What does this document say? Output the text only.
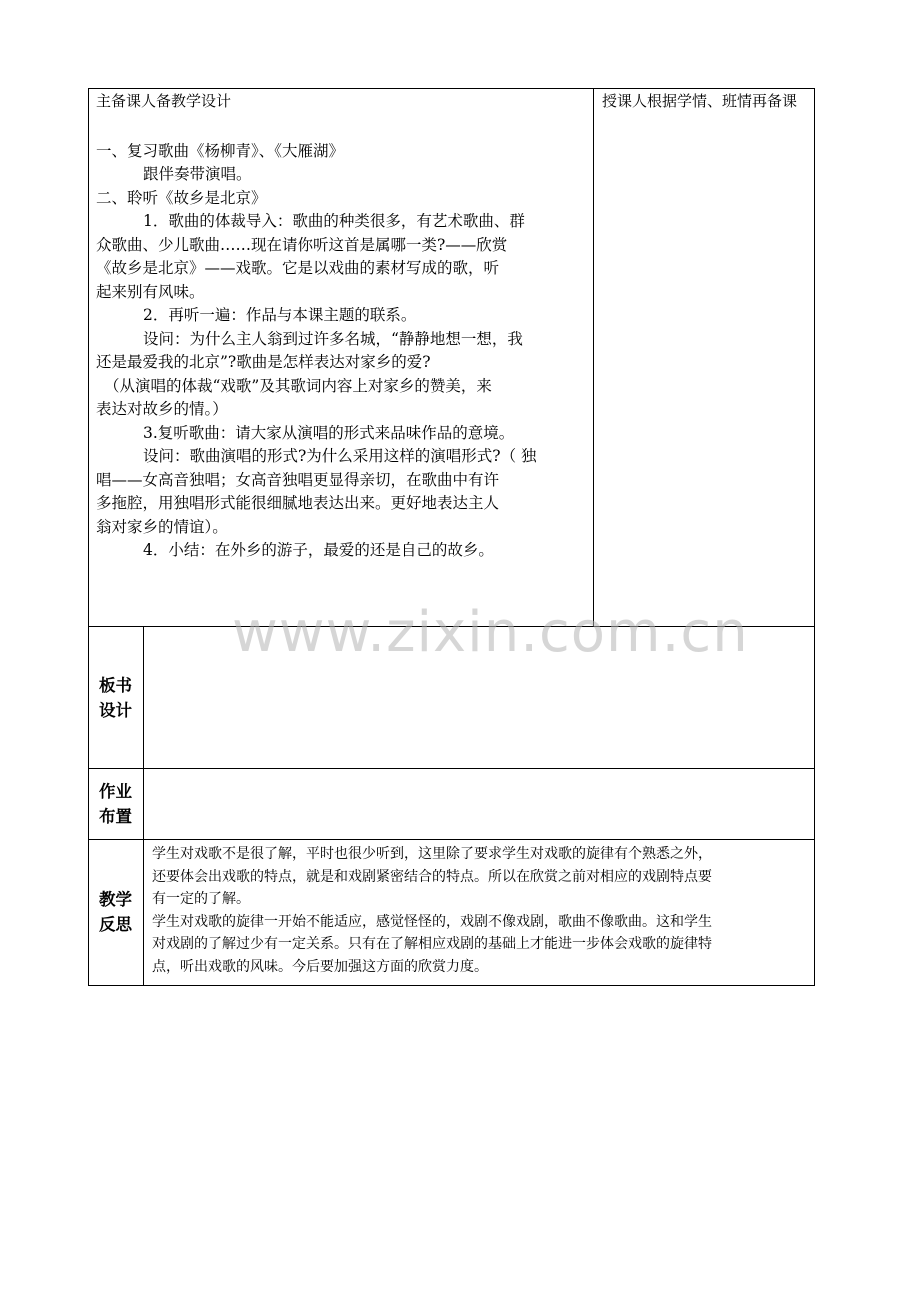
主备课人备教学设计	授课人根据学情、班情再备课

一、复习歌曲《杨柳青》、《大雁湖》

跟伴奏带演唱。

二、聆听《故乡是北京》

1．歌曲的体裁导入：歌曲的种类很多，有艺术歌曲、群

众歌曲、少儿歌曲……现在请你听这首是属哪一类?——欣赏

《故乡是北京》——戏歌。它是以戏曲的素材写成的歌，听

起来别有风味。

2．再听一遍：作品与本课主题的联系。

设问：为什么主人翁到过许多名城，“静静地想一想，我

还是最爱我的北京”?歌曲是怎样表达对家乡的爱?

（从演唱的体裁“戏歌”及其歌词内容上对家乡的赞美，来

表达对故乡的情。）

3.复听歌曲：请大家从演唱的形式来品味作品的意境。

设问：歌曲演唱的形式?为什么采用这样的演唱形式?（ 独

唱——女高音独唱；女高音独唱更显得亲切，在歌曲中有许

多拖腔，用独唱形式能很细腻地表达出来。更好地表达主人

翁对家乡的情谊）。

4．小结：在外乡的游子，最爱的还是自己的故乡。

板书
设计
作业
布置
教学
反思

学生对戏歌不是很了解，平时也很少听到，这里除了要求学生对戏歌的旋律有个熟悉之外，

还要体会出戏歌的特点，就是和戏剧紧密结合的特点。所以在欣赏之前对相应的戏剧特点要

有一定的了解。

学生对戏歌的旋律一开始不能适应，感觉怪怪的，戏剧不像戏剧，歌曲不像歌曲。这和学生

对戏剧的了解过少有一定关系。只有在了解相应戏剧的基础上才能进一步体会戏歌的旋律特

点，听出戏歌的风味。今后要加强这方面的欣赏力度。

www.zixin.com.cn
